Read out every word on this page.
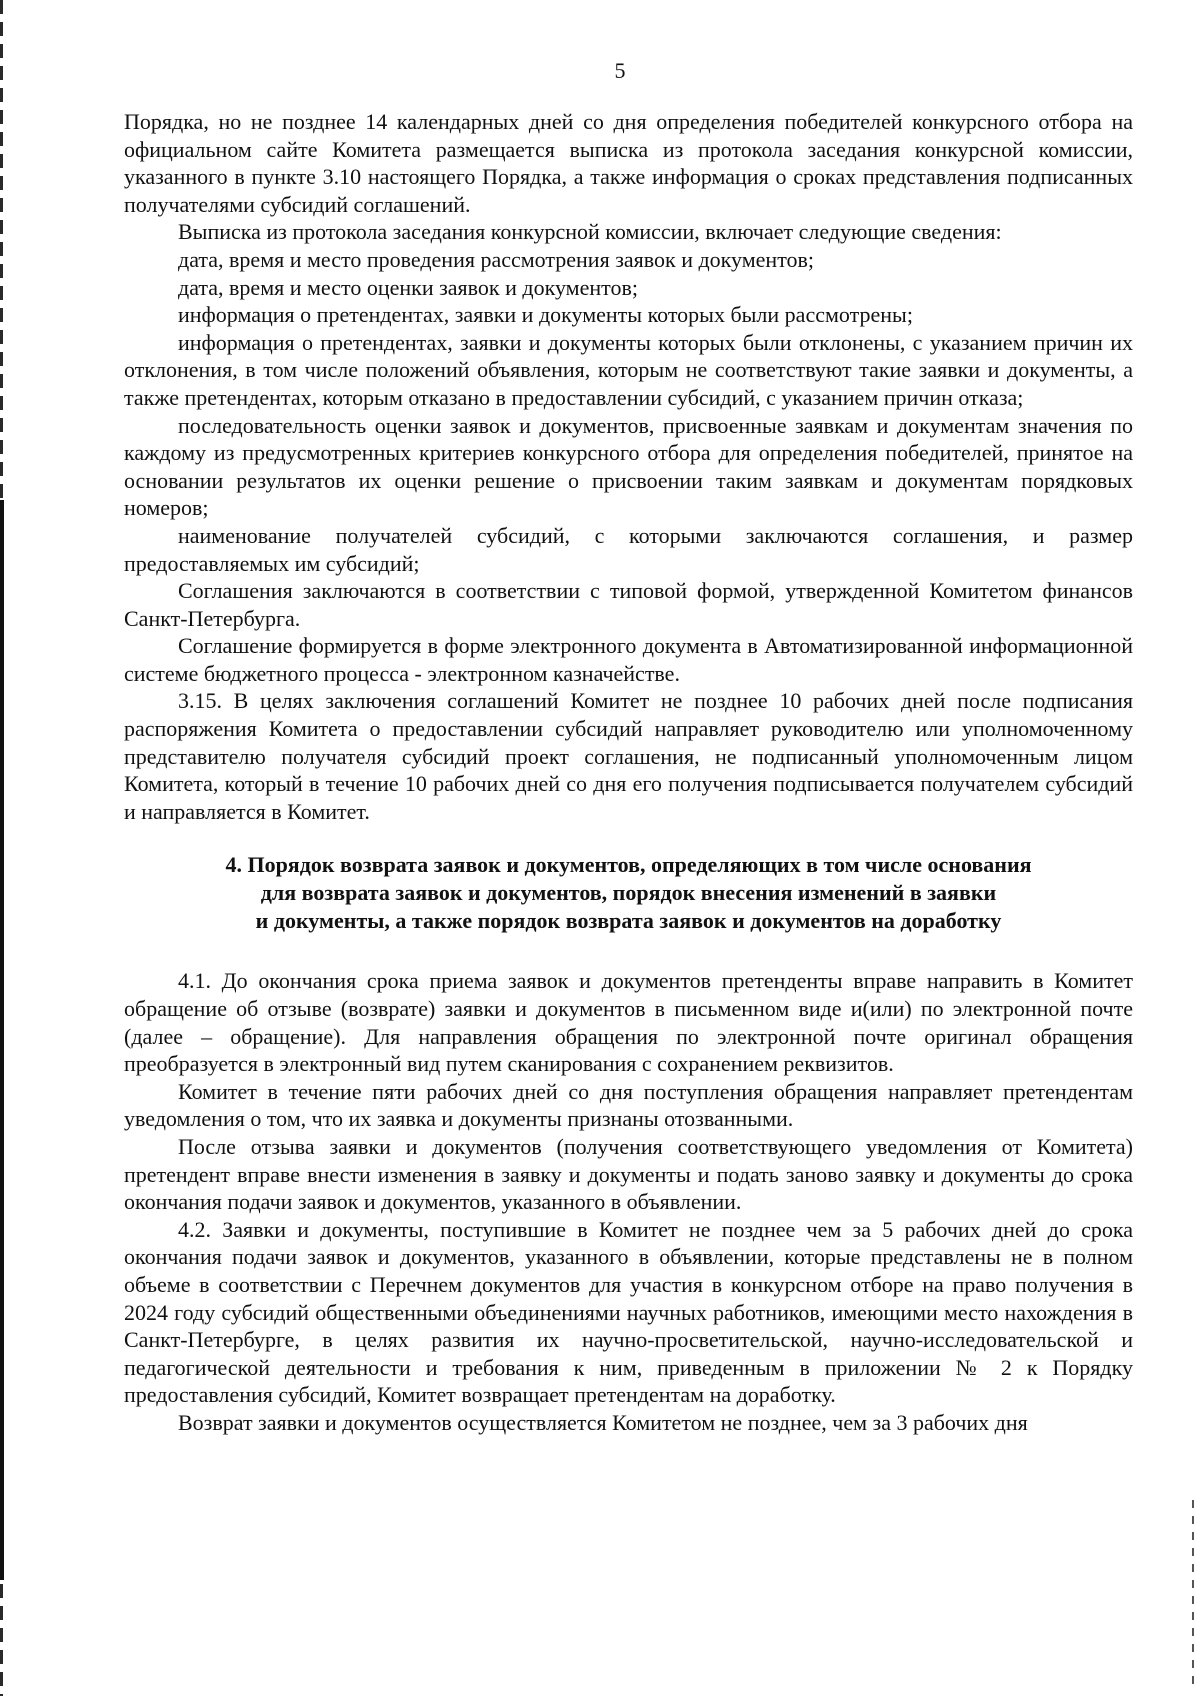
5

Порядка, но не позднее 14 календарных дней со дня определения победителей конкурсного отбора на официальном сайте Комитета размещается выписка из протокола заседания конкурсной комиссии, указанного в пункте 3.10 настоящего Порядка, а также информация о сроках представления подписанных получателями субсидий соглашений.

Выписка из протокола заседания конкурсной комиссии, включает следующие сведения:

дата, время и место проведения рассмотрения заявок и документов;

дата, время и место оценки заявок и документов;

информация о претендентах, заявки и документы которых были рассмотрены;

информация о претендентах, заявки и документы которых были отклонены, с указанием причин их отклонения, в том числе положений объявления, которым не соответствуют такие заявки и документы, а также претендентах, которым отказано в предоставлении субсидий, с указанием причин отказа;

последовательность оценки заявок и документов, присвоенные заявкам и документам значения по каждому из предусмотренных критериев конкурсного отбора для определения победителей, принятое на основании результатов их оценки решение о присвоении таким заявкам и документам порядковых номеров;

наименование получателей субсидий, с которыми заключаются соглашения, и размер предоставляемых им субсидий;

Соглашения заключаются в соответствии с типовой формой, утвержденной Комитетом финансов Санкт-Петербурга.

Соглашение формируется в форме электронного документа в Автоматизированной информационной системе бюджетного процесса - электронном казначействе.

3.15. В целях заключения соглашений Комитет не позднее 10 рабочих дней после подписания распоряжения Комитета о предоставлении субсидий направляет руководителю или уполномоченному представителю получателя субсидий проект соглашения, не подписанный уполномоченным лицом Комитета, который в течение 10 рабочих дней со дня его получения подписывается получателем субсидий и направляется в Комитет.

4. Порядок возврата заявок и документов, определяющих в том числе основания
для возврата заявок и документов, порядок внесения изменений в заявки
и документы, а также порядок возврата заявок и документов на доработку

4.1. До окончания срока приема заявок и документов претенденты вправе направить в Комитет обращение об отзыве (возврате) заявки и документов в письменном виде и(или) по электронной почте (далее – обращение). Для направления обращения по электронной почте оригинал обращения преобразуется в электронный вид путем сканирования с сохранением реквизитов.

Комитет в течение пяти рабочих дней со дня поступления обращения направляет претендентам уведомления о том, что их заявка и документы признаны отозванными.

После отзыва заявки и документов (получения соответствующего уведомления от Комитета) претендент вправе внести изменения в заявку и документы и подать заново заявку и документы до срока окончания подачи заявок и документов, указанного в объявлении.

4.2. Заявки и документы, поступившие в Комитет не позднее чем за 5 рабочих дней до срока окончания подачи заявок и документов, указанного в объявлении, которые представлены не в полном объеме в соответствии с Перечнем документов для участия в конкурсном отборе на право получения в 2024 году субсидий общественными объединениями научных работников, имеющими место нахождения в Санкт-Петербурге, в целях развития их научно-просветительской, научно-исследовательской и педагогической деятельности и требования к ним, приведенным в приложении № 2 к Порядку предоставления субсидий, Комитет возвращает претендентам на доработку.

Возврат заявки и документов осуществляется Комитетом не позднее, чем за 3 рабочих дня
